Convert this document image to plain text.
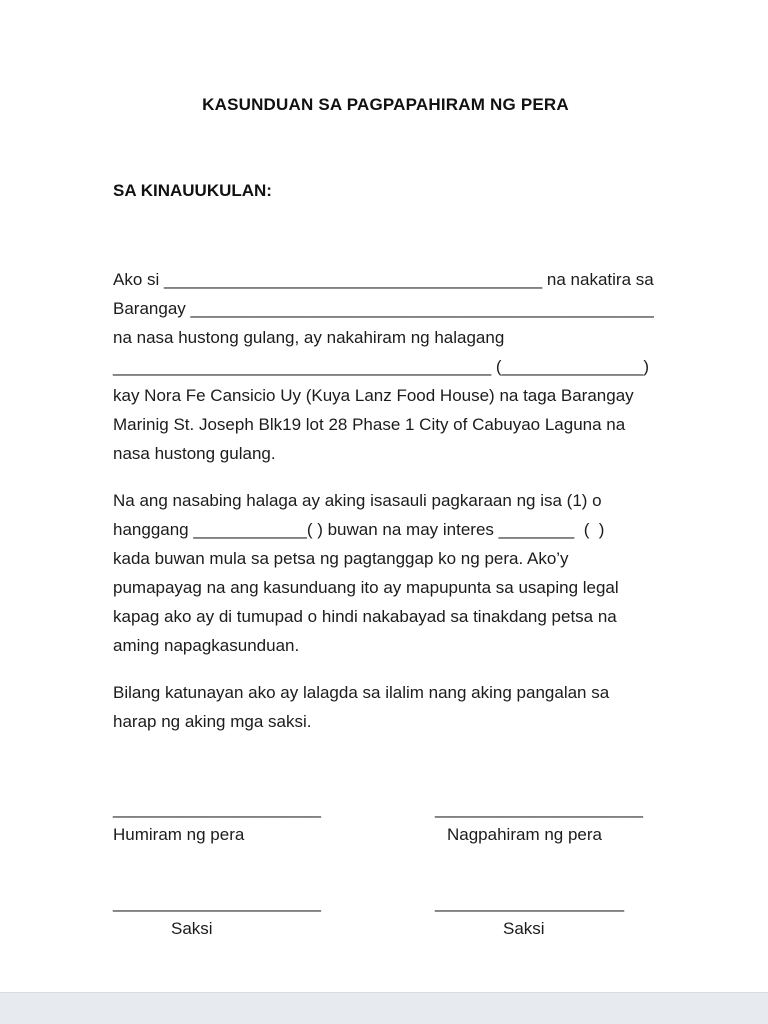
KASUNDUAN SA PAGPAPAHIRAM NG PERA
SA KINAUUKULAN:
Ako si ________________________________________ na nakatira sa
Barangay _________________________________________________
na nasa hustong gulang, ay nakahiram ng halagang
________________________________________ (_______________)
kay Nora Fe Cansicio Uy (Kuya Lanz Food House) na taga Barangay
Marinig St. Joseph Blk19 lot 28 Phase 1 City of Cabuyao Laguna na
nasa hustong gulang.
Na ang nasabing halaga ay aking isasauli pagkaraan ng isa (1) o
hanggang ____________( ) buwan na may interes ________  (  )
kada buwan mula sa petsa ng pagtanggap ko ng pera. Ako’y
pumapayag na ang kasunduang ito ay mapupunta sa usaping legal
kapag ako ay di tumupad o hindi nakabayad sa tinakdang petsa na
aming napagkasunduan.
Bilang katunayan ako ay lalagda sa ilalim nang aking pangalan sa
harap ng aking mga saksi.
______________________
Humiram ng pera
______________________
Nagpahiram ng pera
______________________
Saksi
____________________
Saksi
